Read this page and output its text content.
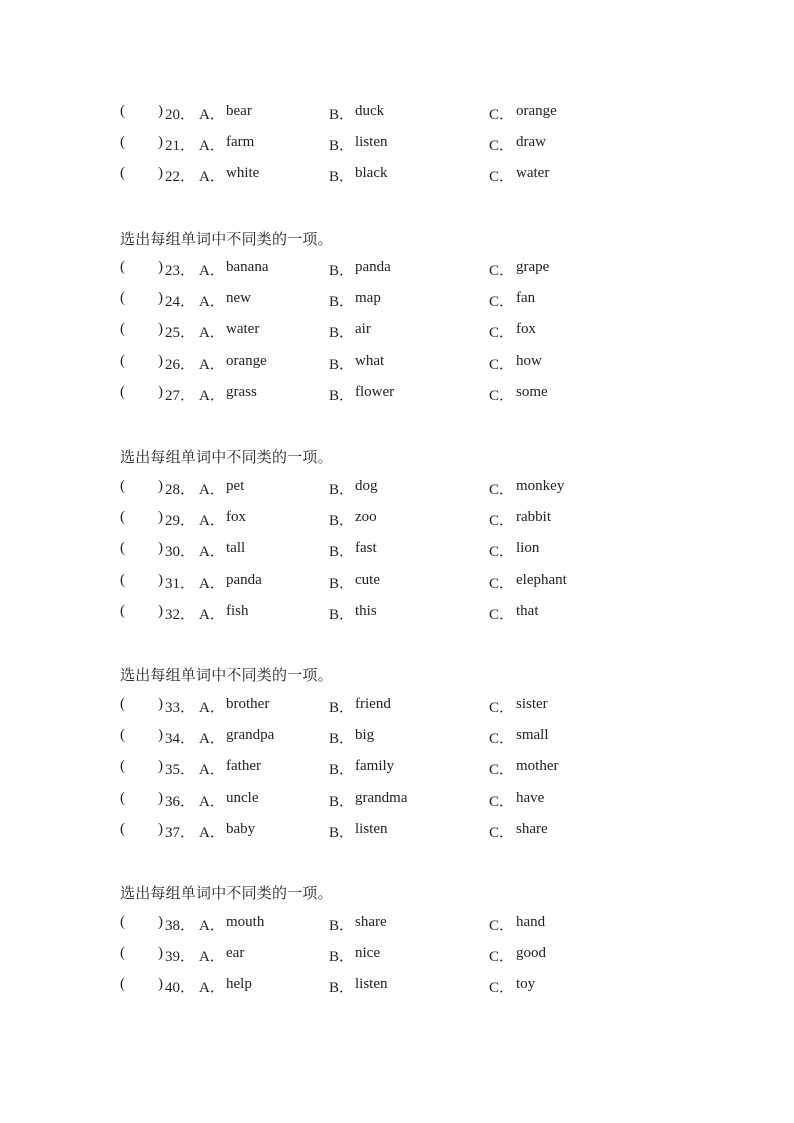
( ) 20． A． bear	B． duck	C． orange
( ) 21． A． farm	B． listen	C． draw
( ) 22． A． white	B． black	C． water
选出每组单词中不同类的一项。
( ) 23． A． banana	B． panda	C． grape
( ) 24． A． new	B． map	C． fan
( ) 25． A． water	B． air	C． fox
( ) 26． A． orange	B． what	C． how
( ) 27． A． grass	B． flower	C． some
选出每组单词中不同类的一项。
( ) 28． A． pet	B． dog	C． monkey
( ) 29． A． fox	B． zoo	C． rabbit
( ) 30． A． tall	B． fast	C． lion
( ) 31． A． panda	B． cute	C． elephant
( ) 32． A． fish	B． this	C． that
选出每组单词中不同类的一项。
( ) 33． A． brother	B． friend	C． sister
( ) 34． A． grandpa	B． big	C． small
( ) 35． A． father	B． family	C． mother
( ) 36． A． uncle	B． grandma	C． have
( ) 37． A． baby	B． listen	C． share
选出每组单词中不同类的一项。
( ) 38． A． mouth	B． share	C． hand
( ) 39． A． ear	B． nice	C． good
( ) 40． A． help	B． listen	C． toy
